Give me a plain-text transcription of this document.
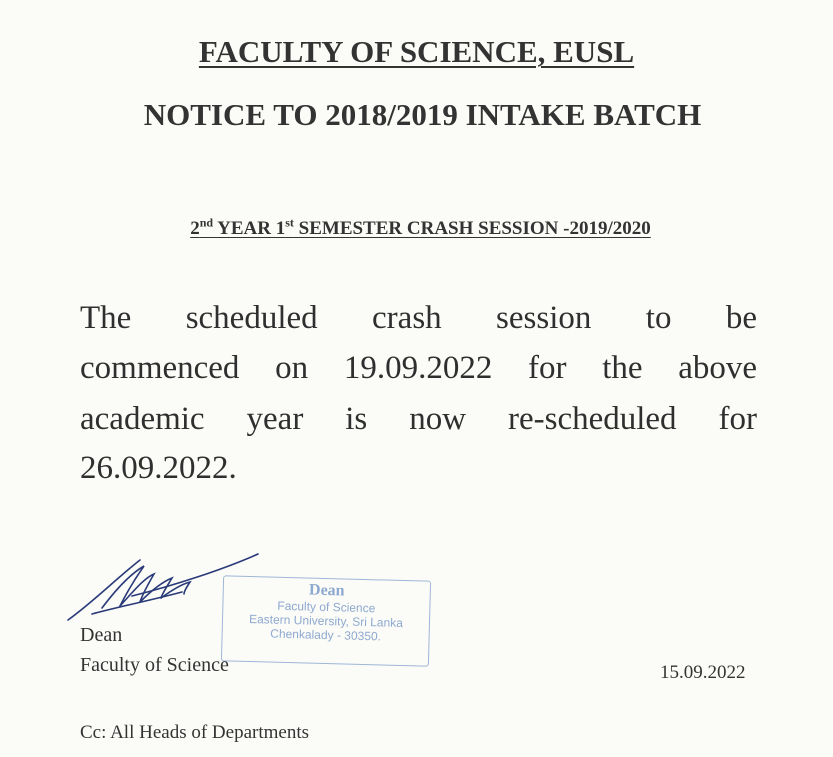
FACULTY OF SCIENCE, EUSL
NOTICE TO 2018/2019 INTAKE BATCH
2nd YEAR 1st SEMESTER CRASH SESSION -2019/2020
The scheduled crash session to be
commenced on 19.09.2022 for the above
academic year is now re-scheduled for
26.09.2022.
Dean
Faculty of Science
Eastern University, Sri Lanka
Chenkalady - 30350.
Dean
Faculty of Science	15.09.2022
Cc: All Heads of Departments
